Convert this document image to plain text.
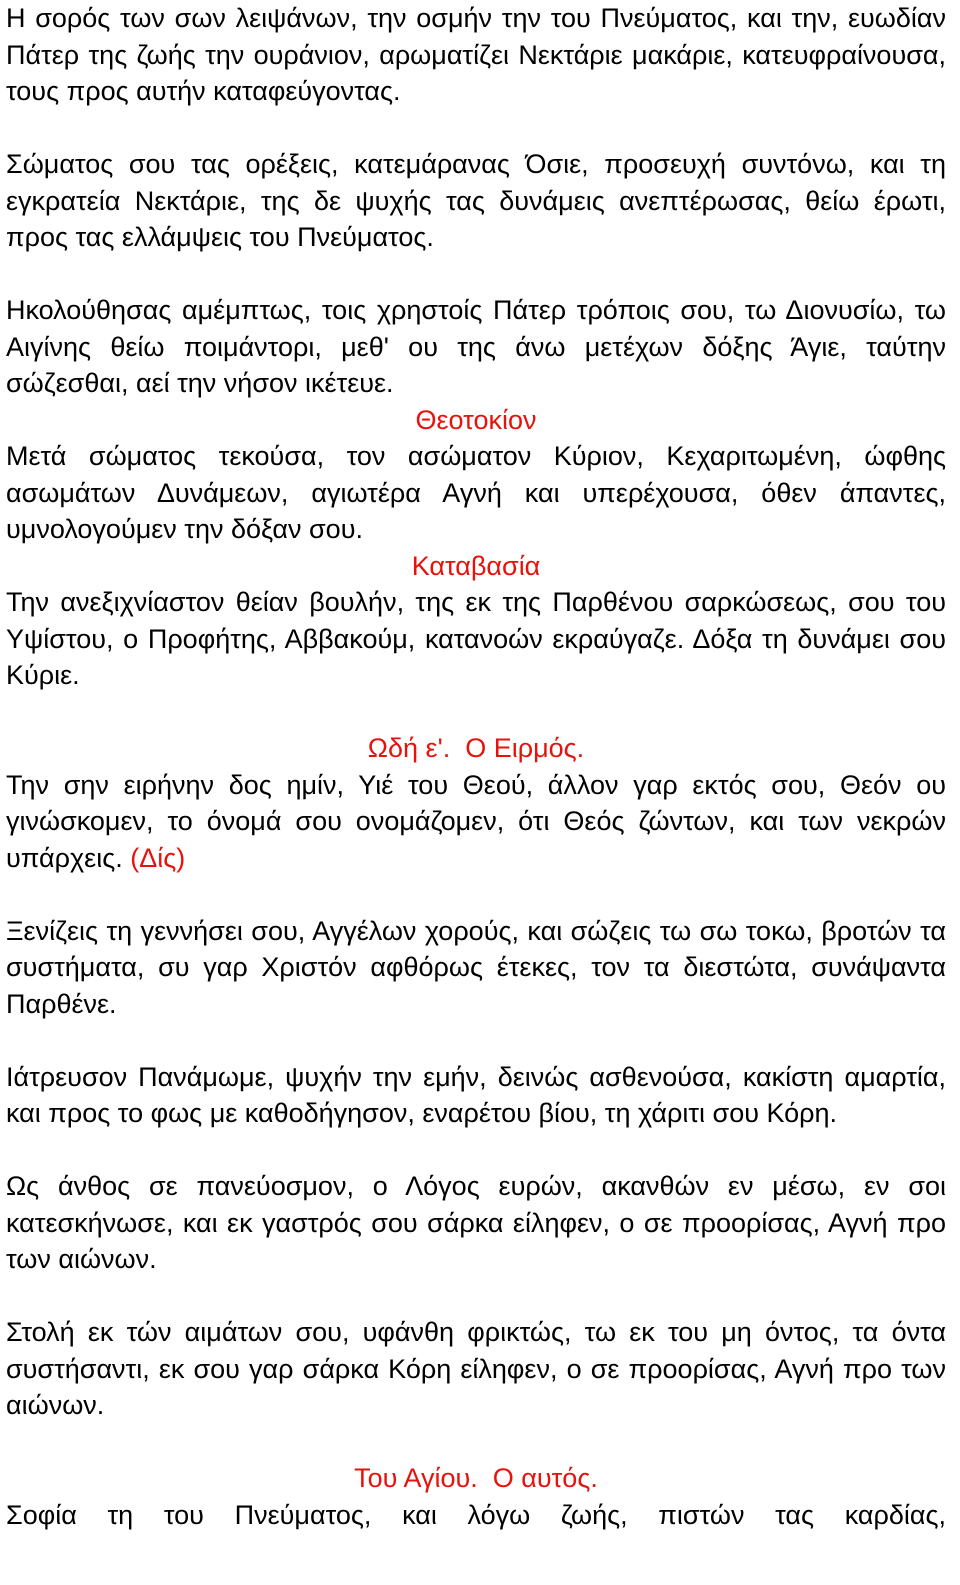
Η σορός των σων λειψάνων, την οσμήν την του Πνεύματος, και την, ευωδίαν Πάτερ της ζωής την ουράνιον, αρωματίζει Νεκτάριε μακάριε, κατευφραίνουσα, τους προς αυτήν καταφεύγοντας.

Σώματος σου τας ορέξεις, κατεμάρανας Όσιε, προσευχή συντόνω, και τη εγκρατεία Νεκτάριε, της δε ψυχής τας δυνάμεις ανεπτέρωσας, θείω έρωτι, προς τας ελλάμψεις του Πνεύματος.

Ηκολούθησας αμέμπτως, τοις χρηστοίς Πάτερ τρόποις σου, τω Διονυσίω, τω Αιγίνης θείω ποιμάντορι, μεθ' ου της άνω μετέχων δόξης Άγιε, ταύτην σώζεσθαι, αεί την νήσον ικέτευε.

Θεοτοκίον

Μετά σώματος τεκούσα, τον ασώματον Κύριον, Κεχαριτωμένη, ώφθης ασωμάτων Δυνάμεων, αγιωτέρα Αγνή και υπερέχουσα, όθεν άπαντες, υμνολογούμεν την δόξαν σου.

Καταβασία

Την ανεξιχνίαστον θείαν βουλήν, της εκ της Παρθένου σαρκώσεως, σου του Υψίστου, ο Προφήτης, Αββακούμ, κατανοών εκραύγαζε. Δόξα τη δυνάμει σου Κύριε.

Ωδή ε'.  Ο Ειρμός.

Την σην ειρήνην δος ημίν, Υιέ του Θεού, άλλον γαρ εκτός σου, Θεόν ου γινώσκομεν, το όνομά σου ονομάζομεν, ότι Θεός ζώντων, και των νεκρών υπάρχεις. (Δίς)

Ξενίζεις τη γεννήσει σου, Αγγέλων χορούς, και σώζεις τω σω τοκω, βροτών τα συστήματα, συ γαρ Χριστόν αφθόρως έτεκες, τον τα διεστώτα, συνάψαντα Παρθένε.

Ιάτρευσον Πανάμωμε, ψυχήν την εμήν, δεινώς ασθενούσα, κακίστη αμαρτία, και προς το φως με καθοδήγησον, εναρέτου βίου, τη χάριτι σου Κόρη.

Ως άνθος σε πανεύοσμον, ο Λόγος ευρών, ακανθών εν μέσω, εν σοι κατεσκήνωσε, και εκ γαστρός σου σάρκα είληφεν, ο σε προορίσας, Αγνή προ των αιώνων.

Στολή εκ τών αιμάτων σου, υφάνθη φρικτώς, τω εκ του μη όντος, τα όντα συστήσαντι, εκ σου γαρ σάρκα Κόρη είληφεν, ο σε προορίσας, Αγνή προ των αιώνων.

Του Αγίου.  Ο αυτός.

Σοφία τη του Πνεύματος, και λόγω ζωής, πιστών τας καρδίας,
